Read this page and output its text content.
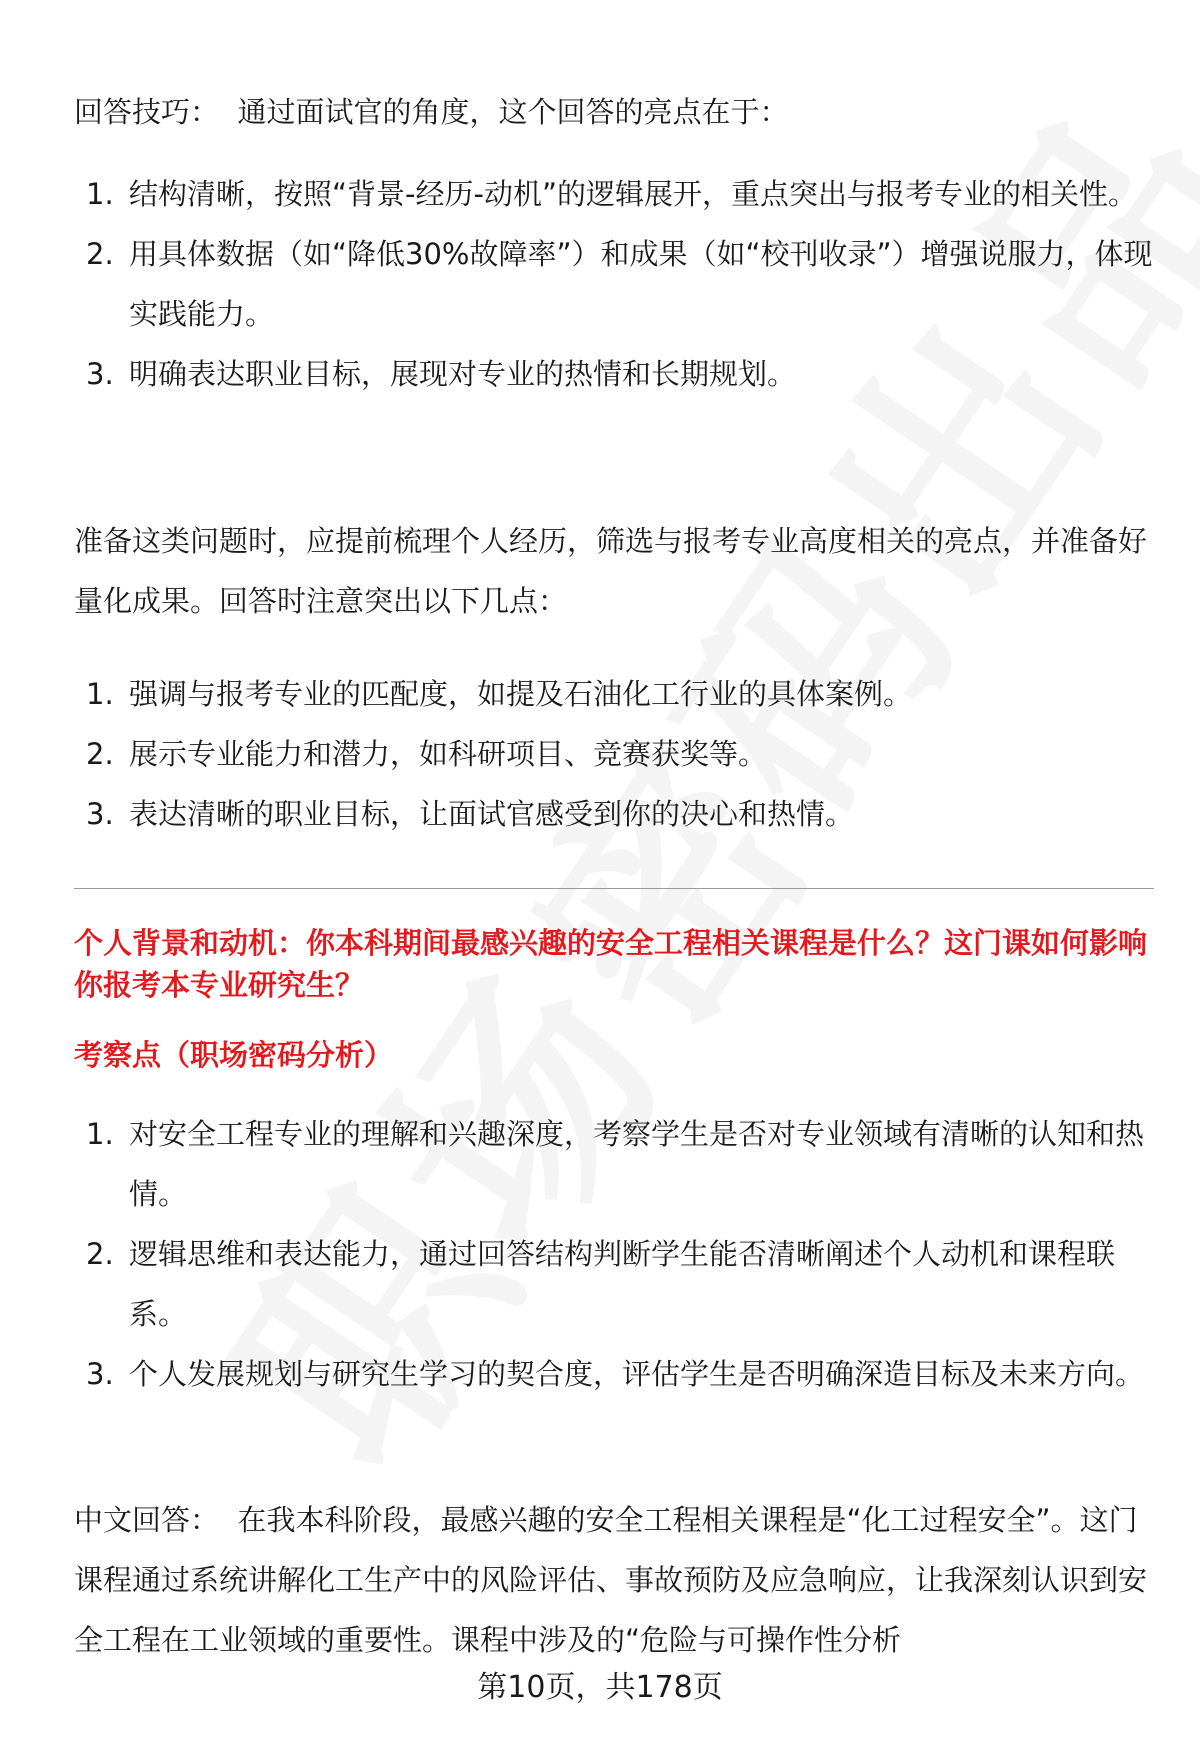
回答技巧： 通过面试官的角度，这个回答的亮点在于：

1. 结构清晰，按照“背景-经历-动机”的逻辑展开，重点突出与报考专业的相关性。
2. 用具体数据（如“降低30%故障率”）和成果（如“校刊收录”）增强说服力，体现实践能力。
3. 明确表达职业目标，展现对专业的热情和长期规划。

准备这类问题时，应提前梳理个人经历，筛选与报考专业高度相关的亮点，并准备好量化成果。回答时注意突出以下几点：

1. 强调与报考专业的匹配度，如提及石油化工行业的具体案例。
2. 展示专业能力和潜力，如科研项目、竞赛获奖等。
3. 表达清晰的职业目标，让面试官感受到你的决心和热情。

个人背景和动机：你本科期间最感兴趣的安全工程相关课程是什么？这门课如何影响你报考本专业研究生？

考察点（职场密码分析）

1. 对安全工程专业的理解和兴趣深度，考察学生是否对专业领域有清晰的认知和热情。
2. 逻辑思维和表达能力，通过回答结构判断学生能否清晰阐述个人动机和课程联系。
3. 个人发展规划与研究生学习的契合度，评估学生是否明确深造目标及未来方向。

中文回答： 在我本科阶段，最感兴趣的安全工程相关课程是“化工过程安全”。这门课程通过系统讲解化工生产中的风险评估、事故预防及应急响应，让我深刻认识到安全工程在工业领域的重要性。课程中涉及的“危险与可操作性分析

第10页，共178页
